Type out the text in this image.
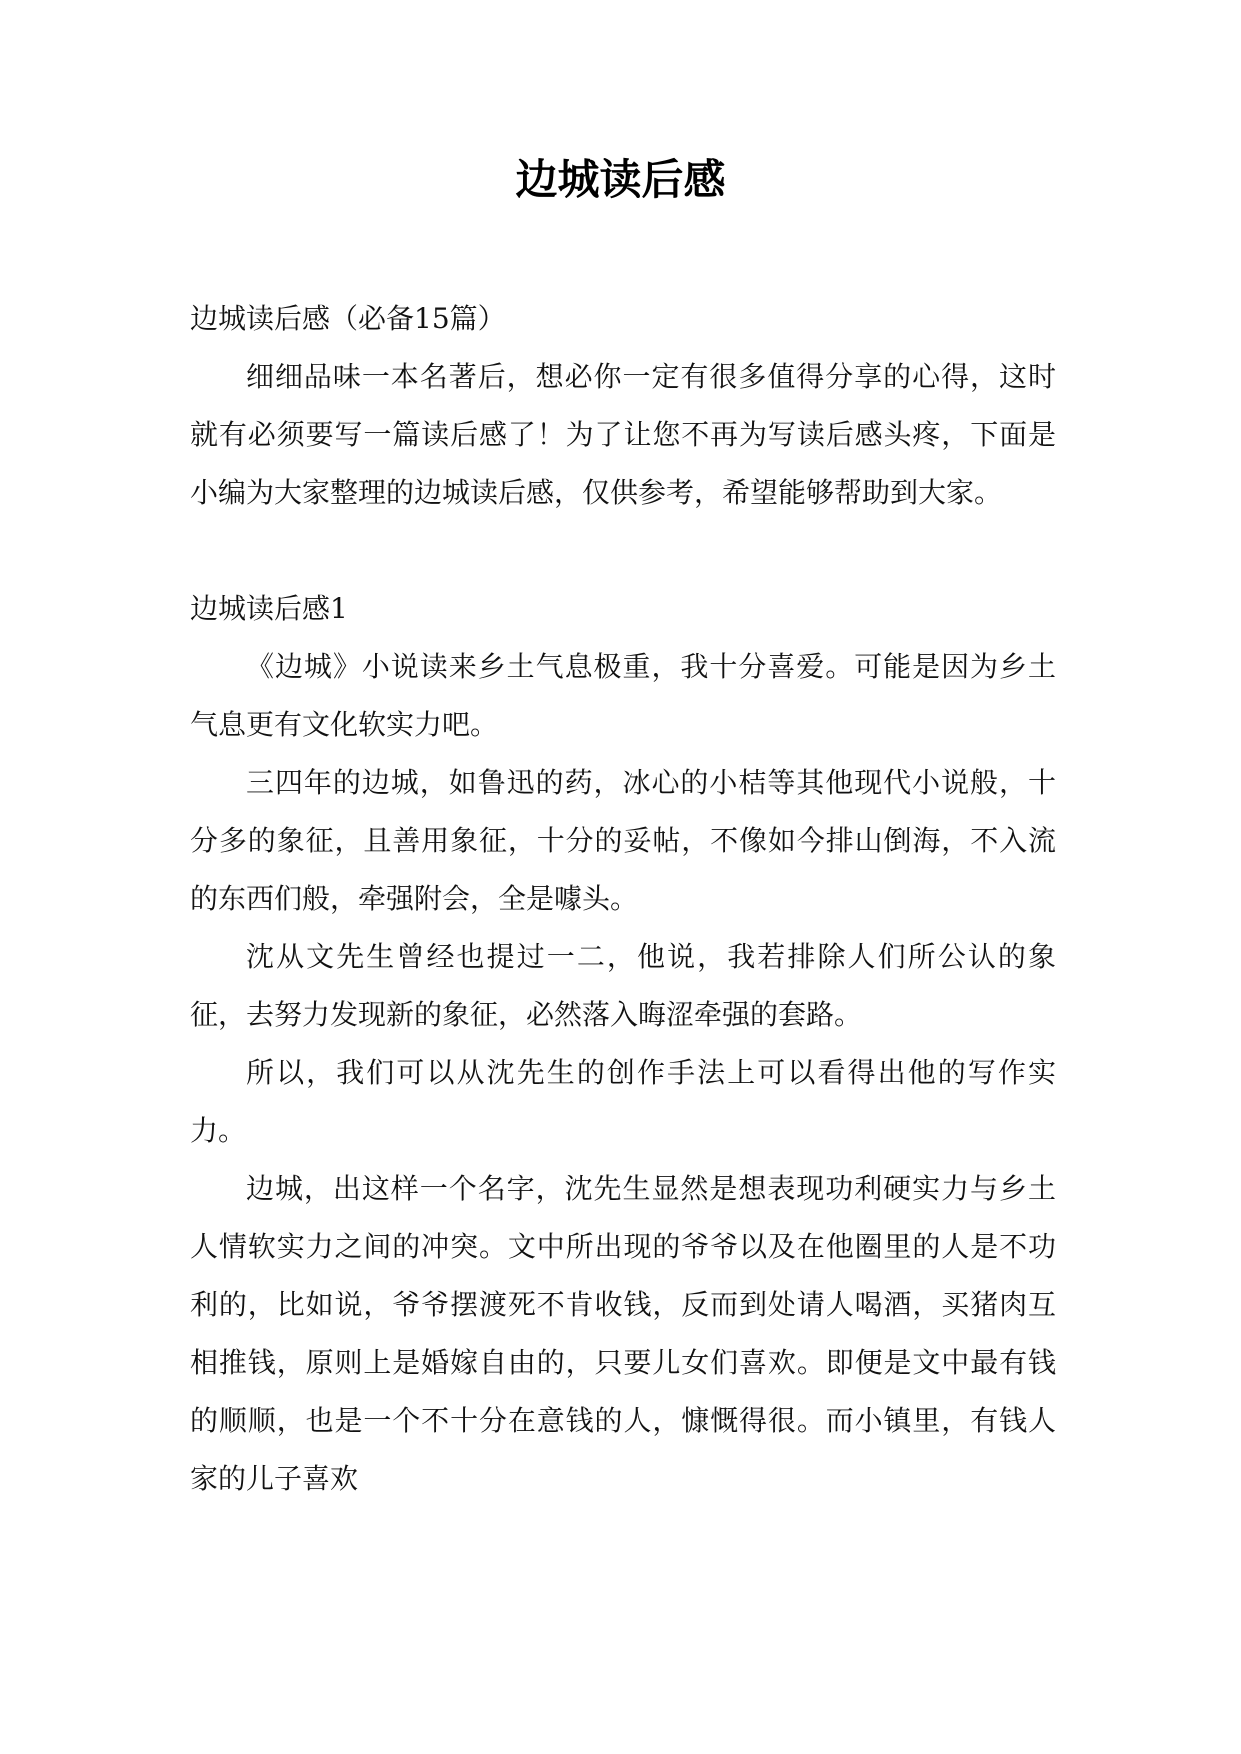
边城读后感

边城读后感（必备15篇）

细细品味一本名著后，想必你一定有很多值得分享的心得，这时就有必须要写一篇读后感了！为了让您不再为写读后感头疼，下面是小编为大家整理的边城读后感，仅供参考，希望能够帮助到大家。

边城读后感1

《边城》小说读来乡土气息极重，我十分喜爱。可能是因为乡土气息更有文化软实力吧。

三四年的边城，如鲁迅的药，冰心的小桔等其他现代小说般，十分多的象征，且善用象征，十分的妥帖，不像如今排山倒海，不入流的东西们般，牵强附会，全是噱头。

沈从文先生曾经也提过一二，他说，我若排除人们所公认的象征，去努力发现新的象征，必然落入晦涩牵强的套路。

所以，我们可以从沈先生的创作手法上可以看得出他的写作实力。

边城，出这样一个名字，沈先生显然是想表现功利硬实力与乡土人情软实力之间的冲突。文中所出现的爷爷以及在他圈里的人是不功利的，比如说，爷爷摆渡死不肯收钱，反而到处请人喝酒，买猪肉互相推钱，原则上是婚嫁自由的，只要儿女们喜欢。即便是文中最有钱的顺顺，也是一个不十分在意钱的人，慷慨得很。而小镇里，有钱人家的儿子喜欢
